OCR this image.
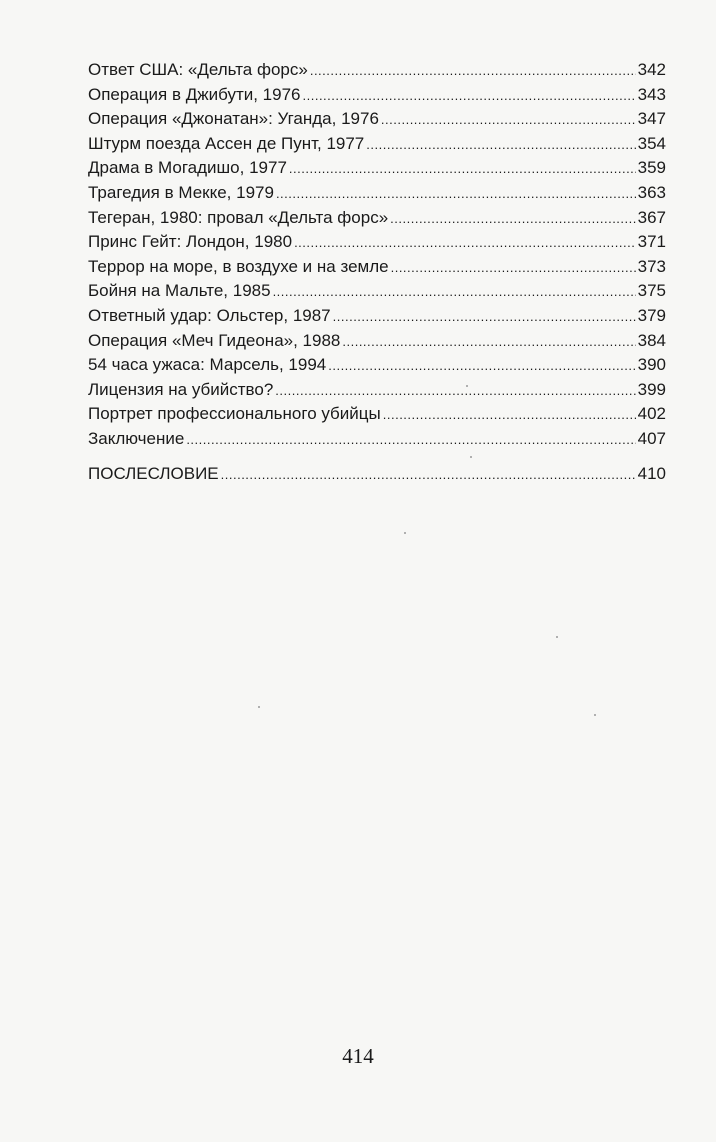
Ответ США: «Дельта форс» .....	342
Операция в Джибути, 1976 .....	343
Операция «Джонатан»: Уганда, 1976 .....	347
Штурм поезда Ассен де Пунт, 1977 .....	354
Драма в Могадишо, 1977 .....	359
Трагедия в Мекке, 1979 .....	363
Тегеран, 1980: провал «Дельта форс» .....	367
Принс Гейт: Лондон, 1980 .....	371
Террор на море, в воздухе и на земле .....	373
Бойня на Мальте, 1985 .....	375
Ответный удар: Ольстер, 1987 .....	379
Операция «Меч Гидеона», 1988 .....	384
54 часа ужаса: Марсель, 1994 .....	390
Лицензия на убийство? .....	399
Портрет профессионального убийцы .....	402
Заключение .....	407
ПОСЛЕСЛОВИЕ .....	410
414
